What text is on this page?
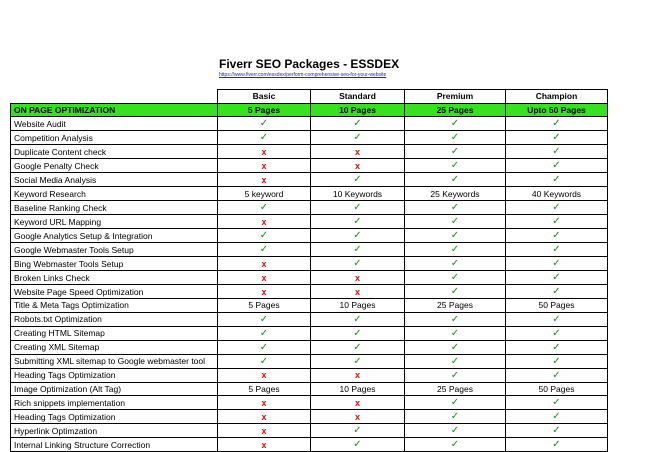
Fiverr SEO Packages - ESSDEX
https://www.fiverr.com/essdex/perform-comprehensive-seo-for-your-website
	Basic	Standard	Premium	Champion
ON PAGE OPTIMIZATION	5 Pages	10 Pages	25 Pages	Upto 50 Pages
Website Audit	✓	✓	✓	✓
Competition Analysis	✓	✓	✓	✓
Duplicate Content check	x	x	✓	✓
Google Penalty Check	x	x	✓	✓
Social Media Analysis	x	✓	✓	✓
Keyword Research	5 keyword	10 Keywords	25 Keywords	40 Keywords
Baseline Ranking Check	✓	✓	✓	✓
Keyword URL Mapping	x	✓	✓	✓
Google Analytics Setup & Integration	✓	✓	✓	✓
Google Webmaster Tools Setup	✓	✓	✓	✓
Bing Webmaster Tools Setup	x	✓	✓	✓
Broken Links Check	x	x	✓	✓
Website Page Speed Optimization	x	x	✓	✓
Title & Meta Tags Optimization	5 Pages	10 Pages	25 Pages	50 Pages
Robots.txt Optimization	✓	✓	✓	✓
Creating HTML Sitemap	✓	✓	✓	✓
Creating XML Sitemap	✓	✓	✓	✓
Submitting XML sitemap to Google webmaster tool	✓	✓	✓	✓
Heading Tags Optimization	x	x	✓	✓
Image Optimization (Alt Tag)	5 Pages	10 Pages	25 Pages	50 Pages
Rich snippets implementation	x	x	✓	✓
Heading Tags Optimization	x	x	✓	✓
Hyperlink Optimzation	x	✓	✓	✓
Internal Linking Structure Correction	x	✓	✓	✓
